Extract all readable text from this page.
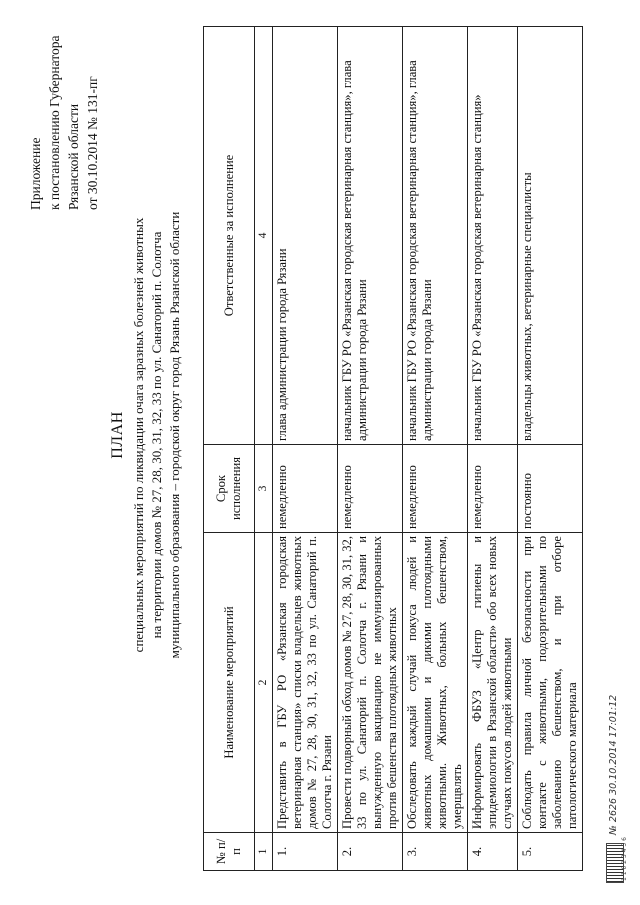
Приложение к постановлению Губернатора Рязанской области от 30.10.2014 № 131-пг
ПЛАН специальных мероприятий по ликвидации очага заразных болезней животных на территории домов № 27, 28, 30, 31, 32, 33 по ул. Санаторий п. Солотча муниципального образования – городской округ город Рязань Рязанской области
№ п/п	Наименование мероприятий	Срок исполнения	Ответственные за исполнение
1	2	3	4
1.	Представить в ГБУ РО «Рязанская городская ветеринарная станция» списки владельцев животных домов № 27, 28, 30, 31, 32, 33 по ул. Санаторий п. Солотча г. Рязани	немедленно	глава администрации города Рязани
2.	Провести подворный обход домов № 27, 28, 30, 31, 32, 33 по ул. Санаторий п. Солотча г. Рязани и вынужденную вакцинацию не иммунизированных против бешенства плотоядных животных	немедленно	начальник ГБУ РО «Рязанская городская ветеринарная станция», глава администрации города Рязани
3.	Обследовать каждый случай покуса людей и животных домашними и дикими плотоядными животными. Животных, больных бешенством, умерщвлять	немедленно	начальник ГБУ РО «Рязанская городская ветеринарная станция», глава администрации города Рязани
4.	Информировать ФБУЗ «Центр гигиены и эпидемиологии в Рязанской области» обо всех новых случаях покусов людей животными	немедленно	начальник ГБУ РО «Рязанская городская ветеринарная станция»
5.	Соблюдать правила личной безопасности при контакте с животными, подозрительными по заболеванию бешенством, и при отборе патологического материала	постоянно	владельцы животных, ветеринарные специалисты
1 1 0 2 3 4 5 6
№ 2626 30.10.2014 17:01:12
